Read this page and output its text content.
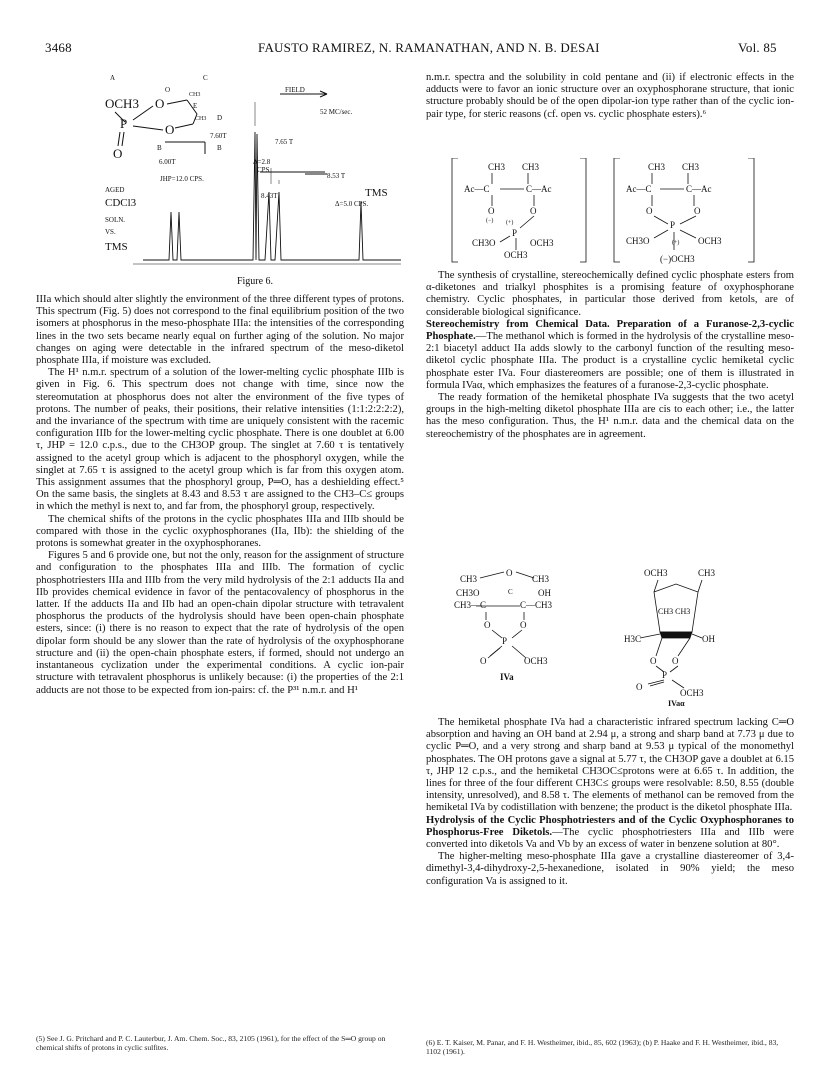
3468	FAUSTO RAMIREZ, N. RAMANATHAN, AND N. B. DESAI	Vol. 85
A	C
CH3
OCH3
P
O
O
O
E
CH3 D
B	B
FIELD
52 MC/sec.
7.60T
7.65 T
Δ=2.8
CPS
8.53 T
6.00T
JHP=12.0 CPS.
8.43T
Δ=5.0 CPS.
AGED
CDCl3
SOLN.
VS.
TMS
TMS
O
Figure 6.

IIIa which should alter slightly the environment of the three different types of protons. This spectrum (Fig. 5) does not correspond to the final equilibrium position of the two isomers at phosphorus in the meso-phosphate IIIa: the intensities of the corresponding lines in the two sets became nearly equal on further aging of the solution. No major changes on aging were detectable in the infrared spectrum of the meso-diketol phosphate IIIa, if moisture was excluded.

The H¹ n.m.r. spectrum of a solution of the lower-melting cyclic phosphate IIIb is given in Fig. 6. This spectrum does not change with time, since now the stereomutation at phosphorus does not alter the environment of the five types of protons. The number of peaks, their positions, their relative intensities (1:1:2:2:2:2), and the invariance of the spectrum with time are uniquely consistent with the racemic configuration IIIb for the lower-melting cyclic phosphate. There is one doublet at 6.00 τ, JHP = 12.0 c.p.s., due to the CH3OP group. The singlet at 7.60 τ is tentatively assigned to the acetyl group which is adjacent to the phosphoryl oxygen, while the singlet at 7.65 τ is assigned to the acetyl group which is far from this oxygen atom. This assignment assumes that the phosphoryl group, P═O, has a deshielding effect.⁵ On the same basis, the singlets at 8.43 and 8.53 τ are assigned to the CH3–C≤ groups in which the methyl is next to, and far from, the phosphoryl group, respectively.

The chemical shifts of the protons in the cyclic phosphates IIIa and IIIb should be compared with those in the cyclic oxyphosphoranes (IIa, IIb): the shielding of the protons is somewhat greater in the oxyphosphoranes.

Figures 5 and 6 provide one, but not the only, reason for the assignment of structure and configuration to the phosphates IIIa and IIIb. The formation of cyclic phosphotriesters IIIa and IIIb from the very mild hydrolysis of the 2:1 adducts IIa and IIb provides chemical evidence in favor of the pentacovalency of phosphorus in the latter. If the adducts IIa and IIb had an open-chain dipolar structure with tetravalent phosphorus the products of the hydrolysis should have been open-chain phosphate esters, since: (i) there is no reason to expect that the rate of hydrolysis of the open dipolar form should be any slower than the rate of hydrolysis of the oxyphosphorane structure and (ii) the open-chain phosphate esters, if formed, should not undergo an instantaneous cyclization under the experimental conditions. A cyclic ion-pair structure with tetravalent phosphorus is unlikely because: (i) the properties of the 2:1 adducts are not those to be expected from ion-pairs: cf. the P³¹ n.m.r. and H¹

(5) See J. G. Pritchard and P. C. Lauterbur, J. Am. Chem. Soc., 83, 2105 (1961), for the effect of the S═O group on chemical shifts of protons in cyclic sulfites.

n.m.r. spectra and the solubility in cold pentane and (ii) if electronic effects in the adducts were to favor an ionic structure over an oxyphosphorane structure, that ionic structure probably should be of the open dipolar-ion type rather than of the cyclic ion-pair type, for steric reasons (cf. open vs. cyclic phosphate esters).⁶

CH3 CH3
Ac—C	C—Ac
O	O
(−) (+)
P
CH3O	OCH3
OCH3
CH3 CH3
Ac—C	C—Ac
O	O
P
CH3O	(+) OCH3
(−)OCH3

The synthesis of crystalline, stereochemically defined cyclic phosphate esters from α-diketones and trialkyl phosphites is a promising feature of oxyphosphorane chemistry. Cyclic phosphates, in particular those derived from ketols, are of considerable biological significance.

Stereochemistry from Chemical Data. Preparation of a Furanose-2,3-cyclic Phosphate.—The methanol which is formed in the hydrolysis of the crystalline meso-2:1 biacetyl adduct IIa adds slowly to the carbonyl function of the resulting meso-diketol cyclic phosphate IIIa. The product is a crystalline cyclic hemiketal cyclic phosphate ester IVa. Four diastereomers are possible; one of them is illustrated in formula IVaα, which emphasizes the features of a furanose-2,3-cyclic phosphate.

The ready formation of the hemiketal phosphate IVa suggests that the two acetyl groups in the high-melting diketol phosphate IIIa are cis to each other; i.e., the latter has the meso configuration. Thus, the H¹ n.m.r. data and the chemical data on the stereochemistry of the phosphates are in agreement.

CH3	CH3
O
CH3O	OH
CH3—C	C—CH3
C
O	O
P
O	OCH3
IVa
OCH3	CH3
CH3 CH3
H3C	OH
O O
P
O
OCH3
IVaα

The hemiketal phosphate IVa had a characteristic infrared spectrum lacking C═O absorption and having an OH band at 2.94 μ, a strong and sharp band at 7.73 μ due to cyclic P═O, and a very strong and sharp band at 9.53 μ typical of the monomethyl phosphates. The OH protons gave a signal at 5.77 τ, the CH3OP gave a doublet at 6.15 τ, JHP 12 c.p.s., and the hemiketal CH3OC≤protons were at 6.65 τ. In addition, the lines for three of the four different CH3C≤ groups were resolvable: 8.50, 8.55 (double intensity, unresolved), and 8.58 τ. The elements of methanol can be removed from the hemiketal IVa by codistillation with benzene; the product is the diketol phosphate IIIa.

Hydrolysis of the Cyclic Phosphotriesters and of the Cyclic Oxyphosphoranes to Phosphorus-Free Diketols.—The cyclic phosphotriesters IIIa and IIIb were converted into diketols Va and Vb by an excess of water in benzene solution at 80°.

The higher-melting meso-phosphate IIIa gave a crystalline diastereomer of 3,4-dimethyl-3,4-dihydroxy-2,5-hexanedione, isolated in 90% yield; the meso configuration Va is assigned to it.

(6) E. T. Kaiser, M. Panar, and F. H. Westheimer, ibid., 85, 602 (1963); (b) P. Haake and F. H. Westheimer, ibid., 83, 1102 (1961).
